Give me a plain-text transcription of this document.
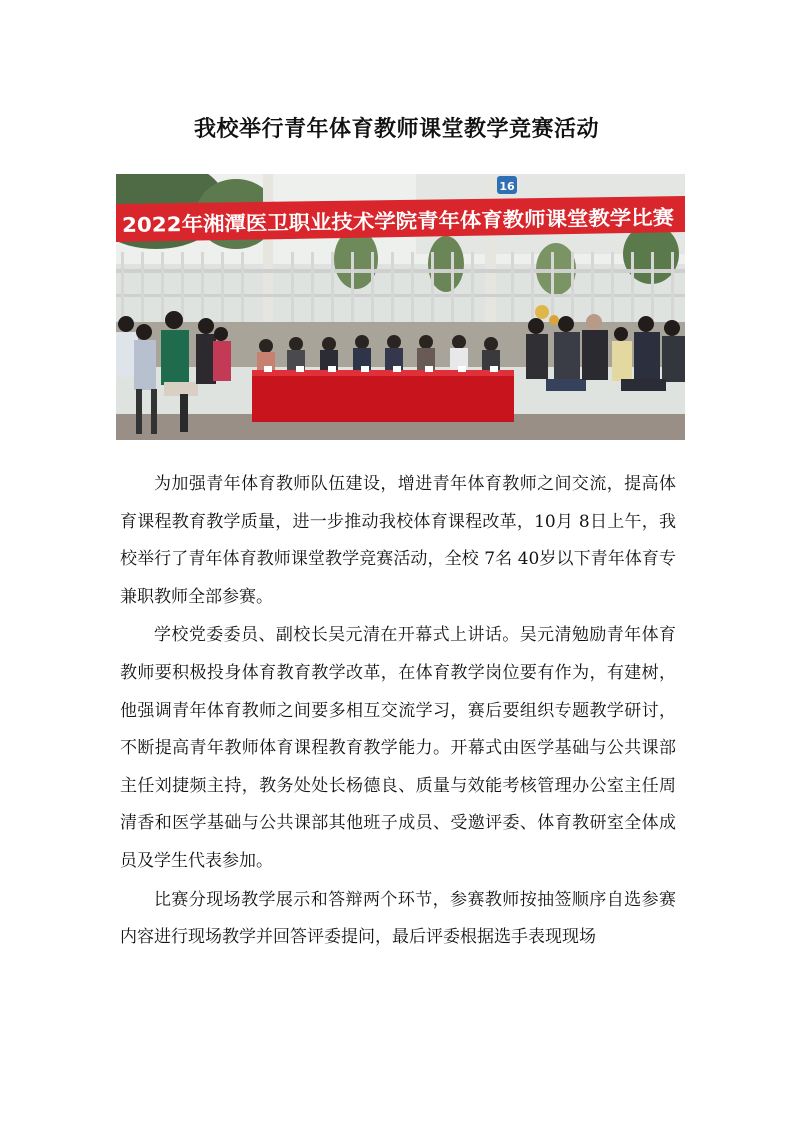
我校举行青年体育教师课堂教学竞赛活动
16
2022年湘潭医卫职业技术学院青年体育教师课堂教学比赛

为加强青年体育教师队伍建设，增进青年体育教师之间交流，提高体育课程教育教学质量，进一步推动我校体育课程改革，10月 8日上午，我校举行了青年体育教师课堂教学竞赛活动，全校 7名 40岁以下青年体育专兼职教师全部参赛。

学校党委委员、副校长吴元清在开幕式上讲话。吴元清勉励青年体育教师要积极投身体育教育教学改革，在体育教学岗位要有作为，有建树，他强调青年体育教师之间要多相互交流学习，赛后要组织专题教学研讨，不断提高青年教师体育课程教育教学能力。开幕式由医学基础与公共课部主任刘捷频主持，教务处处长杨德良、质量与效能考核管理办公室主任周清香和医学基础与公共课部其他班子成员、受邀评委、体育教研室全体成员及学生代表参加。

比赛分现场教学展示和答辩两个环节，参赛教师按抽签顺序自选参赛内容进行现场教学并回答评委提问，最后评委根据选手表现现场
